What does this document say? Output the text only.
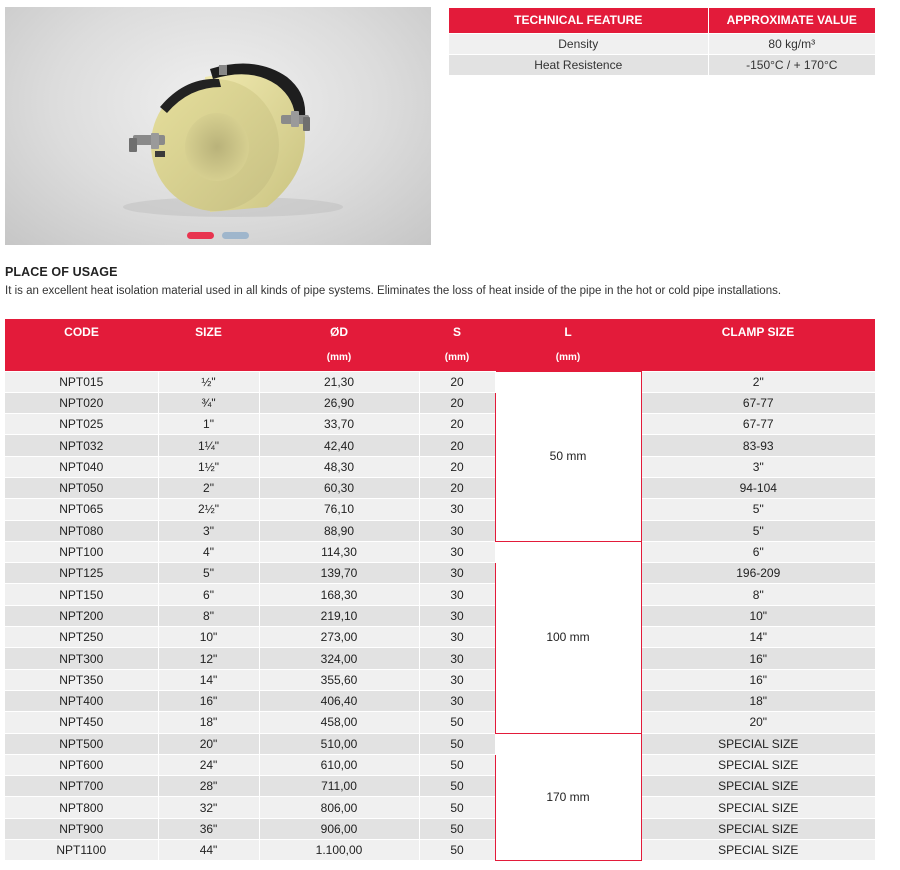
TECHNICAL FEATURE	APPROXIMATE VALUE
Density	80 kg/m³
Heat Resistence	-150°C / + 170°C
PLACE OF USAGE
It is an excellent heat isolation material used in all kinds of pipe systems. Eliminates the loss of heat inside of the pipe in the hot or cold pipe installations.
CODE	SIZE	ØD	S	L	CLAMP SIZE
		(mm)	(mm)	(mm)	
NPT015	½"	21,30	20	50 mm	2"
NPT020	¾"	26,90	20		67-77
NPT025	1"	33,70	20		67-77
NPT032	1¼"	42,40	20		83-93
NPT040	1½"	48,30	20		3"
NPT050	2"	60,30	20		94-104
NPT065	2½"	76,10	30		5"
NPT080	3"	88,90	30		5"
NPT100	4"	114,30	30	100 mm	6"
NPT125	5"	139,70	30		196-209
NPT150	6"	168,30	30		8"
NPT200	8"	219,10	30		10"
NPT250	10"	273,00	30		14"
NPT300	12"	324,00	30		16"
NPT350	14"	355,60	30		16"
NPT400	16"	406,40	30		18"
NPT450	18"	458,00	50		20"
NPT500	20"	510,00	50	170 mm	SPECIAL SIZE
NPT600	24"	610,00	50		SPECIAL SIZE
NPT700	28"	711,00	50		SPECIAL SIZE
NPT800	32"	806,00	50		SPECIAL SIZE
NPT900	36"	906,00	50		SPECIAL SIZE
NPT1100	44"	1.100,00	50		SPECIAL SIZE
